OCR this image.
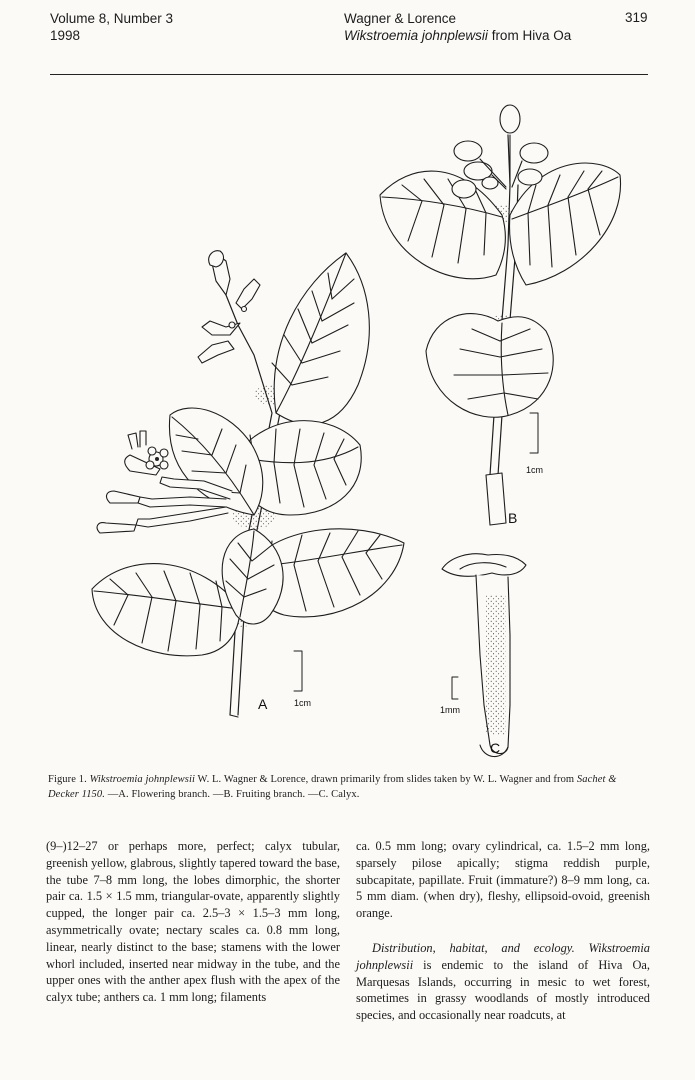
Volume 8, Number 3
1998
Wagner & Lorence
Wikstroemia johnplewsii from Hiva Oa
319
A	1cm
1cm
B
1mm
C
Figure 1. Wikstroemia johnplewsii W. L. Wagner & Lorence, drawn primarily from slides taken by W. L. Wagner and from Sachet & Decker 1150. —A. Flowering branch. —B. Fruiting branch. —C. Calyx.

(9–)12–27 or perhaps more, perfect; calyx tubular, greenish yellow, glabrous, slightly tapered toward the base, the tube 7–8 mm long, the lobes dimorphic, the shorter pair ca. 1.5 × 1.5 mm, triangular-ovate, apparently slightly cupped, the longer pair ca. 2.5–3 × 1.5–3 mm long, asymmetrically ovate; nectary scales ca. 0.8 mm long, linear, nearly distinct to the base; stamens with the lower whorl included, inserted near midway in the tube, and the upper ones with the anther apex flush with the apex of the calyx tube; anthers ca. 1 mm long; filaments

ca. 0.5 mm long; ovary cylindrical, ca. 1.5–2 mm long, sparsely pilose apically; stigma reddish purple, subcapitate, papillate. Fruit (immature?) 8–9 mm long, ca. 5 mm diam. (when dry), fleshy, ellipsoid-ovoid, greenish orange.

Distribution, habitat, and ecology. Wikstroemia johnplewsii is endemic to the island of Hiva Oa, Marquesas Islands, occurring in mesic to wet forest, sometimes in grassy woodlands of mostly introduced species, and occasionally near roadcuts, at
